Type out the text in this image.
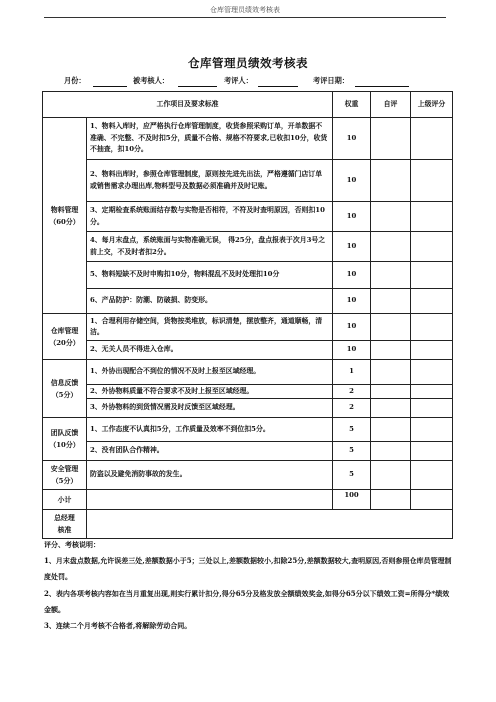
仓库管理员绩效考核表
仓库管理员绩效考核表
月份：	被考核人：	考评人：	考评日期：
工作项目及要求标准		权重	自评	上级评分
物料管理
（60分）	1、物料入库时，应严格执行仓库管理制度，收货参照采购订单，开单数据不准确、不完整、不及时扣5分，质量不合格、规格不符要求,已收扣10分，收货不抽查，扣10分。	10		
	2、物料出库时，参照仓库管理制度，原则按先进先出法，严格遵循门店订单或销售需求办理出库,物料型号及数据必须准确并及时记账。	10		
	3、定期检查系统账面结存数与实物是否相符，不符及时查明原因，否则扣10分。	10		
	4、每月末盘点，系统账面与实物准确无误， 得25分，盘点报表于次月3号之前上交，不及时者扣2分。	10		
	5、物料短缺不及时申购扣10分，物料混乱不及时处理扣10分	10		
	6、产品防护：防潮、防破损、防变形。	10		
仓库管理
（20分）	1、合理利用存储空间，货物按类堆放，标识清楚，摆放整齐，通道顺畅，清洁。	10		
	2、无关人员不得进入仓库。	10		
信息反馈
（5分）	1、外协出现配合不到位的情况不及时上报至区域经理。	1		
	2、外协物料质量不符合要求不及时上报至区域经理。	2		
	3、外协物料的到货情况需及时反馈至区域经理。	2		
团队反馈
（10分）	1、工作态度不认真扣5分，工作质量及效率不到位扣5分。	5		
	2、没有团队合作精神。	5		
安全管理
（5分）	防盗以及避免消防事故的发生。	5		
小计		100		
总经理
核准				

评分、考核说明：

1、月末盘点数据,允许误差三处,差额数据小于5；三处以上,差额数据较小,扣除25分,差额数据较大,查明原因,否则参照仓库员管理制度处罚。

2、表内各项考核内容如在当月重复出现,则实行累计扣分,得分65分及格发放全额绩效奖金,如得分65分以下绩效工资=所得分*绩效金额。

3、连续二个月考核不合格者,将解除劳动合同。
